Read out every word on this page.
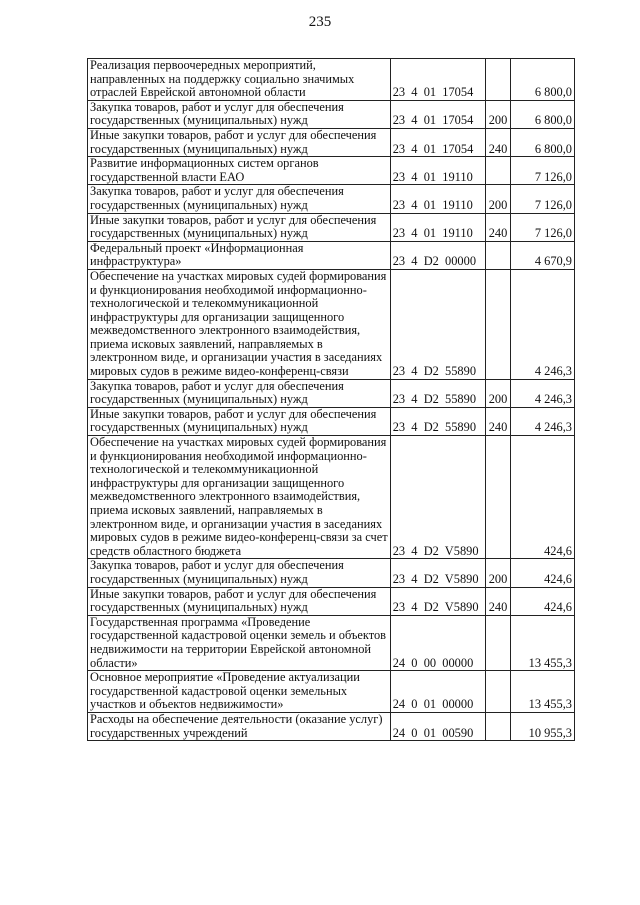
235
Реализация первоочередных мероприятий, направленных на поддержку социально значимых отраслей Еврейской автономной области	23  4  01  17054		6 800,0
Закупка товаров, работ и услуг для обеспечения государственных (муниципальных) нужд	23  4  01  17054	200	6 800,0
Иные закупки товаров, работ и услуг для обеспечения государственных (муниципальных) нужд	23  4  01  17054	240	6 800,0
Развитие информационных систем органов государственной власти ЕАО	23  4  01  19110		7 126,0
Закупка товаров, работ и услуг для обеспечения государственных (муниципальных) нужд	23  4  01  19110	200	7 126,0
Иные закупки товаров, работ и услуг для обеспечения государственных (муниципальных) нужд	23  4  01  19110	240	7 126,0
Федеральный проект «Информационная инфраструктура»	23  4  D2  00000		4 670,9
Обеспечение на участках мировых судей формирования и функционирования необходимой информационно-технологической и телекоммуникационной инфраструктуры для организации защищенного межведомственного электронного взаимодействия, приема исковых заявлений, направляемых в электронном виде, и организации участия в заседаниях мировых судов в режиме видео-конференц-связи	23  4  D2  55890		4 246,3
Закупка товаров, работ и услуг для обеспечения государственных (муниципальных) нужд	23  4  D2  55890	200	4 246,3
Иные закупки товаров, работ и услуг для обеспечения государственных (муниципальных) нужд	23  4  D2  55890	240	4 246,3
Обеспечение на участках мировых судей формирования и функционирования необходимой информационно-технологической и телекоммуникационной инфраструктуры для организации защищенного межведомственного электронного взаимодействия, приема исковых заявлений, направляемых в электронном виде, и организации участия в заседаниях мировых судов в режиме видео-конференц-связи за счет средств областного бюджета	23  4  D2  V5890		424,6
Закупка товаров, работ и услуг для обеспечения государственных (муниципальных) нужд	23  4  D2  V5890	200	424,6
Иные закупки товаров, работ и услуг для обеспечения государственных (муниципальных) нужд	23  4  D2  V5890	240	424,6
Государственная программа «Проведение государственной кадастровой оценки земель и объектов недвижимости на территории Еврейской автономной области»	24  0  00  00000		13 455,3
Основное мероприятие «Проведение актуализации государственной кадастровой оценки земельных участков и объектов недвижимости»	24  0  01  00000		13 455,3
Расходы на обеспечение деятельности (оказание услуг) государственных учреждений	24  0  01  00590		10 955,3
